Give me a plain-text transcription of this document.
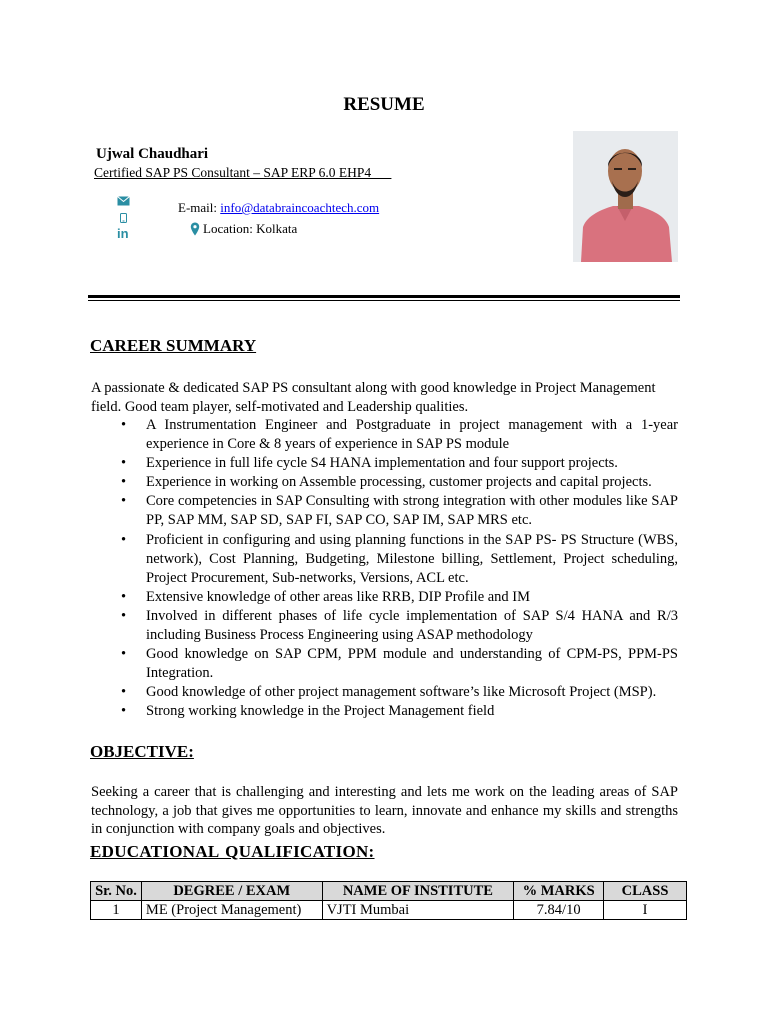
RESUME
Ujwal Chaudhari
Certified SAP PS Consultant – SAP ERP 6.0 EHP4
in
E-mail: info@databraincoachtech.com
Location: Kolkata
CAREER SUMMARY
A passionate & dedicated SAP PS consultant along with good knowledge in Project Management field. Good team player, self-motivated and Leadership qualities.
• A Instrumentation Engineer and Postgraduate in project management with a 1-year experience in Core & 8 years of experience in SAP PS module
• Experience in full life cycle S4 HANA implementation and four support projects.
• Experience in working on Assemble processing, customer projects and capital projects.
• Core competencies in SAP Consulting with strong integration with other modules like SAP PP, SAP MM, SAP SD, SAP FI, SAP CO, SAP IM, SAP MRS etc.
• Proficient in configuring and using planning functions in the SAP PS- PS Structure (WBS, network), Cost Planning, Budgeting, Milestone billing, Settlement, Project scheduling, Project Procurement, Sub-networks, Versions, ACL etc.
• Extensive knowledge of other areas like RRB, DIP Profile and IM
• Involved in different phases of life cycle implementation of SAP S/4 HANA and R/3 including Business Process Engineering using ASAP methodology
• Good knowledge on SAP CPM, PPM module and understanding of CPM-PS, PPM-PS Integration.
• Good knowledge of other project management software’s like Microsoft Project (MSP).
• Strong working knowledge in the Project Management field
OBJECTIVE:
Seeking a career that is challenging and interesting and lets me work on the leading areas of SAP technology, a job that gives me opportunities to learn, innovate and enhance my skills and strengths in conjunction with company goals and objectives.
EDUCATIONAL QUALIFICATION:
Sr. No.	DEGREE / EXAM	NAME OF INSTITUTE	% MARKS	CLASS
1	ME (Project Management)	VJTI Mumbai	7.84/10	I
